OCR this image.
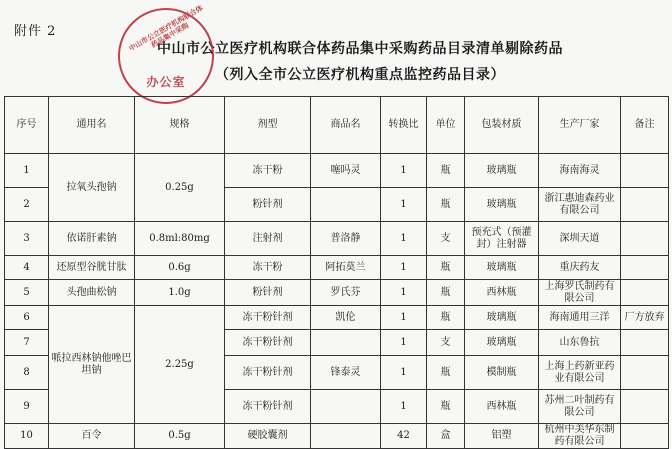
附件 2
中山市公立医疗机构联合体药品集中采购药品目录清单剔除药品
（列入全市公立医疗机构重点监控药品目录）
中山市公立医疗机构联合体药品集中采购
办公室
序号	通用名	规格	剂型	商品名	转换比	单位	包装材质	生产厂家	备注
1	拉氧头孢钠	0.25g	冻干粉	噻吗灵	1	瓶	玻璃瓶	海南海灵	
2			粉针剂		1	瓶	玻璃瓶	浙江惠迪森药业有限公司	
3	依诺肝素钠	0.8ml:80mg	注射剂	普洛静	1	支	预充式（预灌封）注射器	深圳天道	
4	还原型谷胱甘肽	0.6g	冻干粉	阿拓莫兰	1	瓶	玻璃瓶	重庆药友	
5	头孢曲松钠	1.0g	粉针剂	罗氏芬	1	瓶	西林瓶	上海罗氏制药有限公司	
6	哌拉西林钠他唑巴坦钠	2.25g	冻干粉针剂	凯伦	1	瓶	玻璃瓶	海南通用三洋	厂方放弃
7			冻干粉针剂		1	支	玻璃瓶	山东鲁抗	
8			冻干粉针剂	锋泰灵	1	瓶	模制瓶	上海上药新亚药业有限公司	
9			冻干粉针剂		1	瓶	西林瓶	苏州二叶制药有限公司	
10	百令	0.5g	硬胶囊剂		42	盒	铝塑	杭州中美华东制药有限公司	
